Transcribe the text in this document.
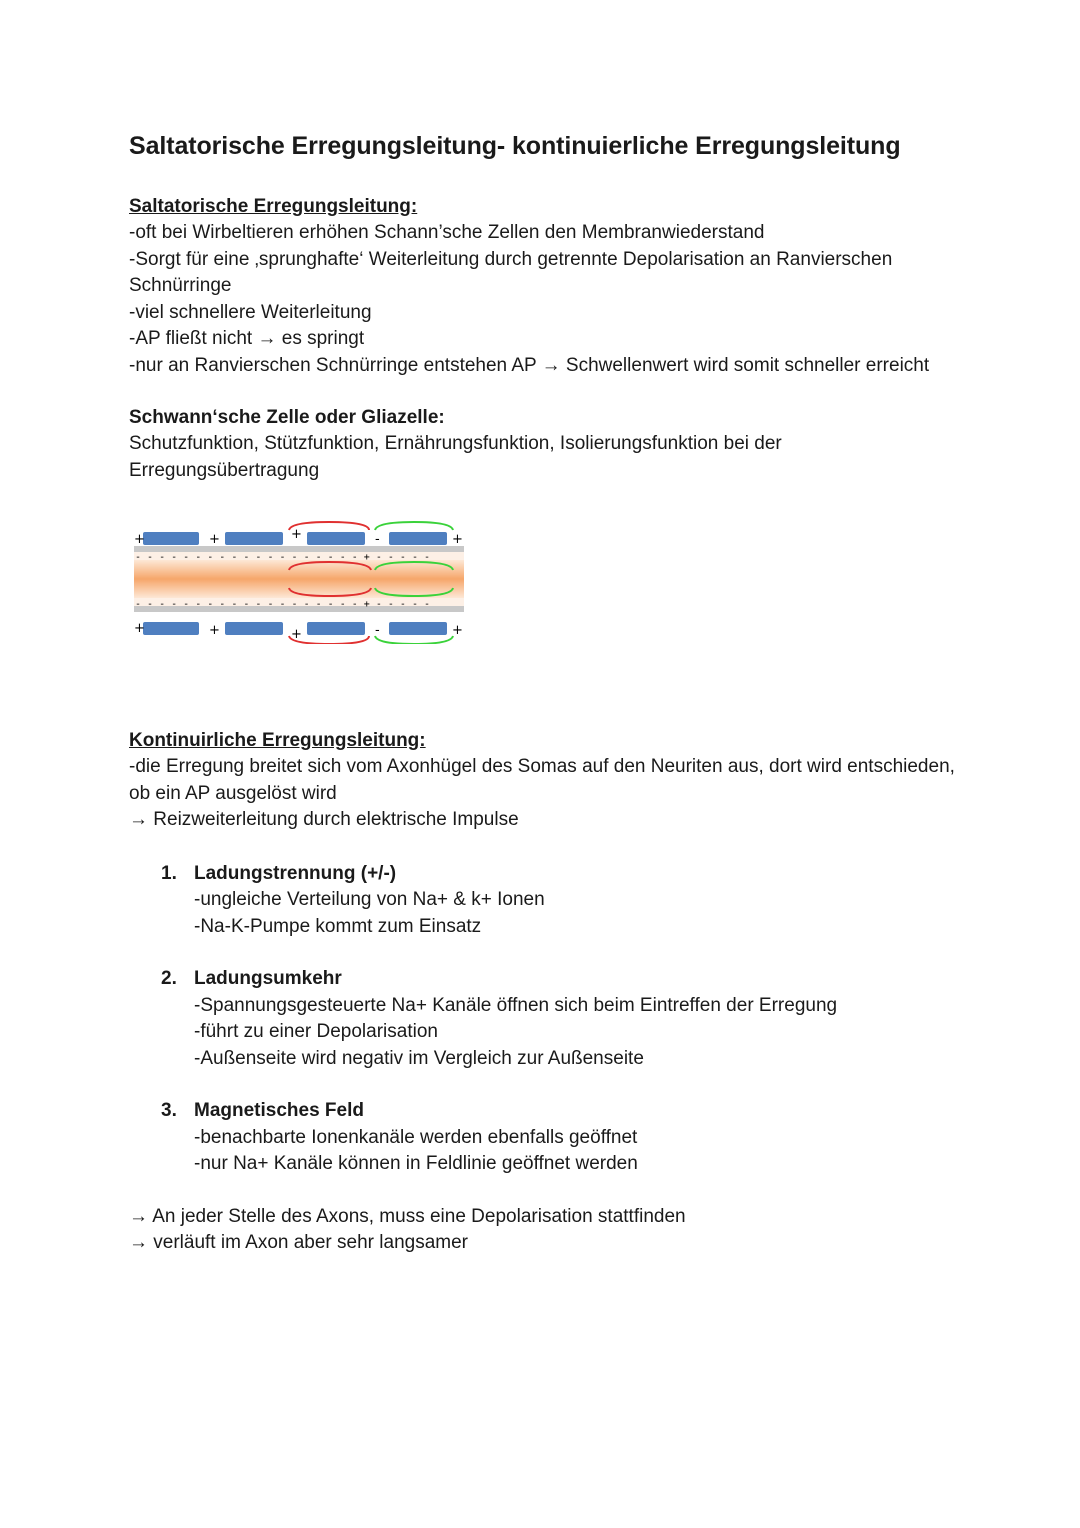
Saltatorische Erregungsleitung- kontinuierliche Erregungsleitung
Saltatorische Erregungsleitung:
-oft bei Wirbeltieren erhöhen Schann’sche Zellen den Membranwiederstand
-Sorgt für eine ‚sprunghafte‘ Weiterleitung durch getrennte Depolarisation an Ranvierschen Schnürringe
-viel schnellere Weiterleitung
-AP fließt nicht → es springt
-nur an Ranvierschen Schnürringe entstehen AP → Schwellenwert wird somit schneller erreicht
Schwann‘sche Zelle oder Gliazelle:
Schutzfunktion, Stützfunktion, Ernährungsfunktion, Isolierungsfunktion bei der Erregungsübertragung
+	+	+	-	+
+	+	+	-	+
- - - - - - - - - - - - - - - - - - - + - - - - -
- - - - - - - - - - - - - - - - - - - + - - - - -
Kontinuirliche Erregungsleitung:
-die Erregung breitet sich vom Axonhügel des Somas auf den Neuriten aus, dort wird entschieden, ob ein AP ausgelöst wird
→ Reizweiterleitung durch elektrische Impulse
1. Ladungstrennung (+/-)
-ungleiche Verteilung von Na+ & k+ Ionen
-Na-K-Pumpe kommt zum Einsatz
2. Ladungsumkehr
-Spannungsgesteuerte Na+ Kanäle öffnen sich beim Eintreffen der Erregung
-führt zu einer Depolarisation
-Außenseite wird negativ im Vergleich zur Außenseite
3. Magnetisches Feld
-benachbarte Ionenkanäle werden ebenfalls geöffnet
-nur Na+ Kanäle können in Feldlinie geöffnet werden
→ An jeder Stelle des Axons, muss eine Depolarisation stattfinden
→ verläuft im Axon aber sehr langsamer
